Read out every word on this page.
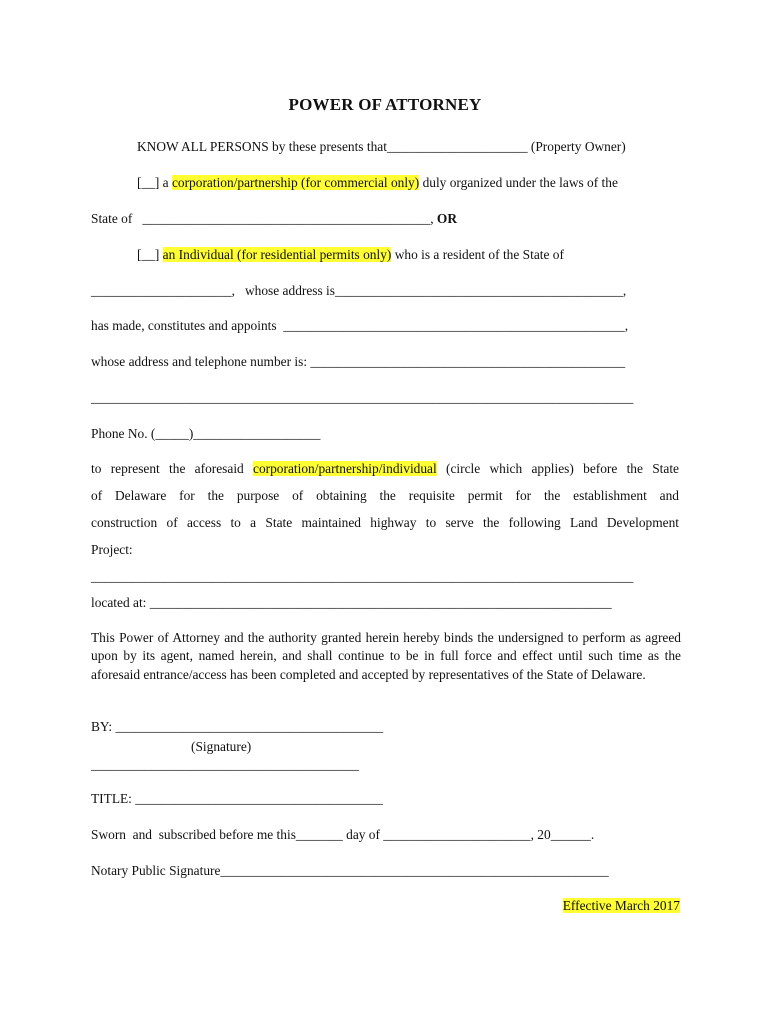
POWER OF ATTORNEY
KNOW ALL PERSONS by these presents that_____________________ (Property Owner)
[__] a corporation/partnership (for commercial only) duly organized under the laws of the
State of   ___________________________________________, OR
[__] an Individual (for residential permits only) who is a resident of the State of
_____________________,   whose address is___________________________________________,
has made, constitutes and appoints  ___________________________________________________,
whose address and telephone number is: _______________________________________________
_________________________________________________________________________________
Phone No. (_____)___________________
to represent the aforesaid corporation/partnership/individual (circle which applies) before the State
of Delaware for the purpose of obtaining the requisite permit for the establishment and
construction of access to a State maintained highway to serve the following Land Development
Project:
_________________________________________________________________________________
located at: _____________________________________________________________________
This Power of Attorney and the authority granted herein hereby binds the undersigned to perform as agreed upon by its agent, named herein, and shall continue to be in full force and effect until such time as the aforesaid entrance/access has been completed and accepted by representatives of the State of Delaware.
BY: ________________________________________
(Signature)
________________________________________
TITLE: _____________________________________
Sworn  and  subscribed before me this_______ day of ______________________, 20______.
Notary Public Signature__________________________________________________________
Effective March 2017
